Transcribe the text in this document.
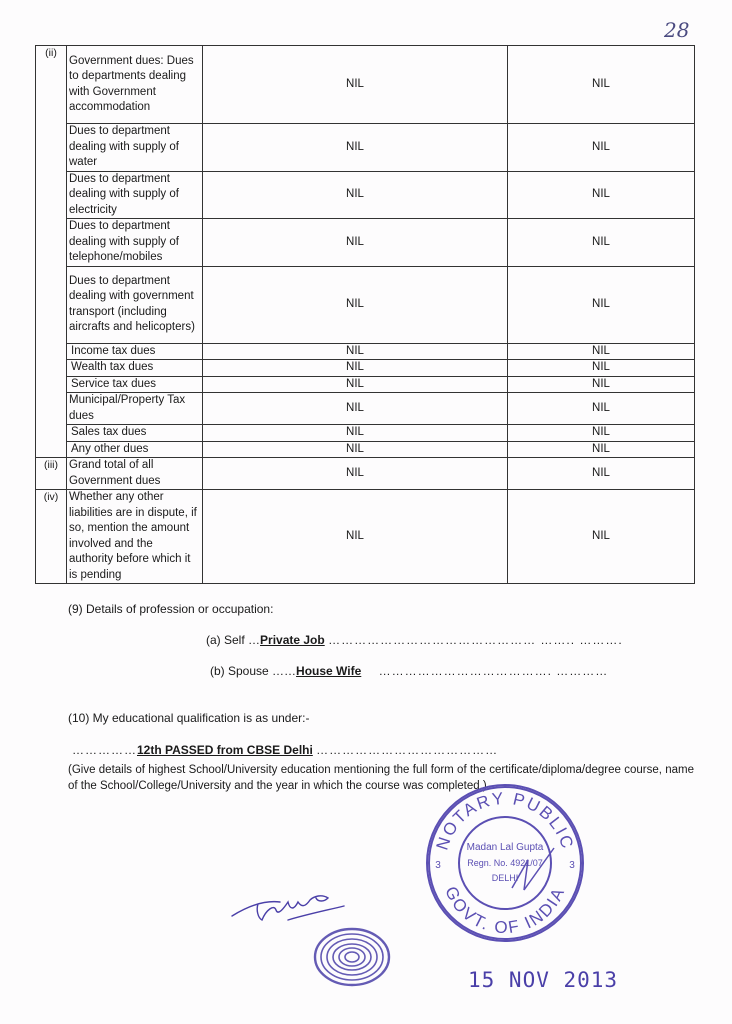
28
(ii)	Government dues: Dues to departments dealing with Government accommodation	NIL	NIL
	Dues to department dealing with supply of water	NIL	NIL
	Dues to department dealing with supply of electricity	NIL	NIL
	Dues to department dealing with supply of telephone/mobiles	NIL	NIL
	Dues to department dealing with government transport (including aircrafts and helicopters)	NIL	NIL
	Income tax dues	NIL	NIL
	Wealth tax dues	NIL	NIL
	Service tax dues	NIL	NIL
	Municipal/Property Tax dues	NIL	NIL
	Sales tax dues	NIL	NIL
	Any other dues	NIL	NIL
(iii)	Grand total of all Government dues	NIL	NIL
(iv)	Whether any other liabilities are in dispute, if so, mention the amount involved and the authority before which it is pending	NIL	NIL
(9) Details of profession or occupation:
(a) Self …Private Job ………………………………………… …….. ……….
(b) Spouse ……House Wife …………………………………. …………
(10) My educational qualification is as under:-
……………12th PASSED from CBSE Delhi ……………………………………
(Give details of highest School/University education mentioning the full form of the certificate/diploma/degree course, name of the School/College/University and the year in which the course was completed.)
NOTARY PUBLIC
GOVT. OF INDIA
Madan Lal Gupta
Regn. No. 4921/07
DELHI
3	3
15 NOV 2013
